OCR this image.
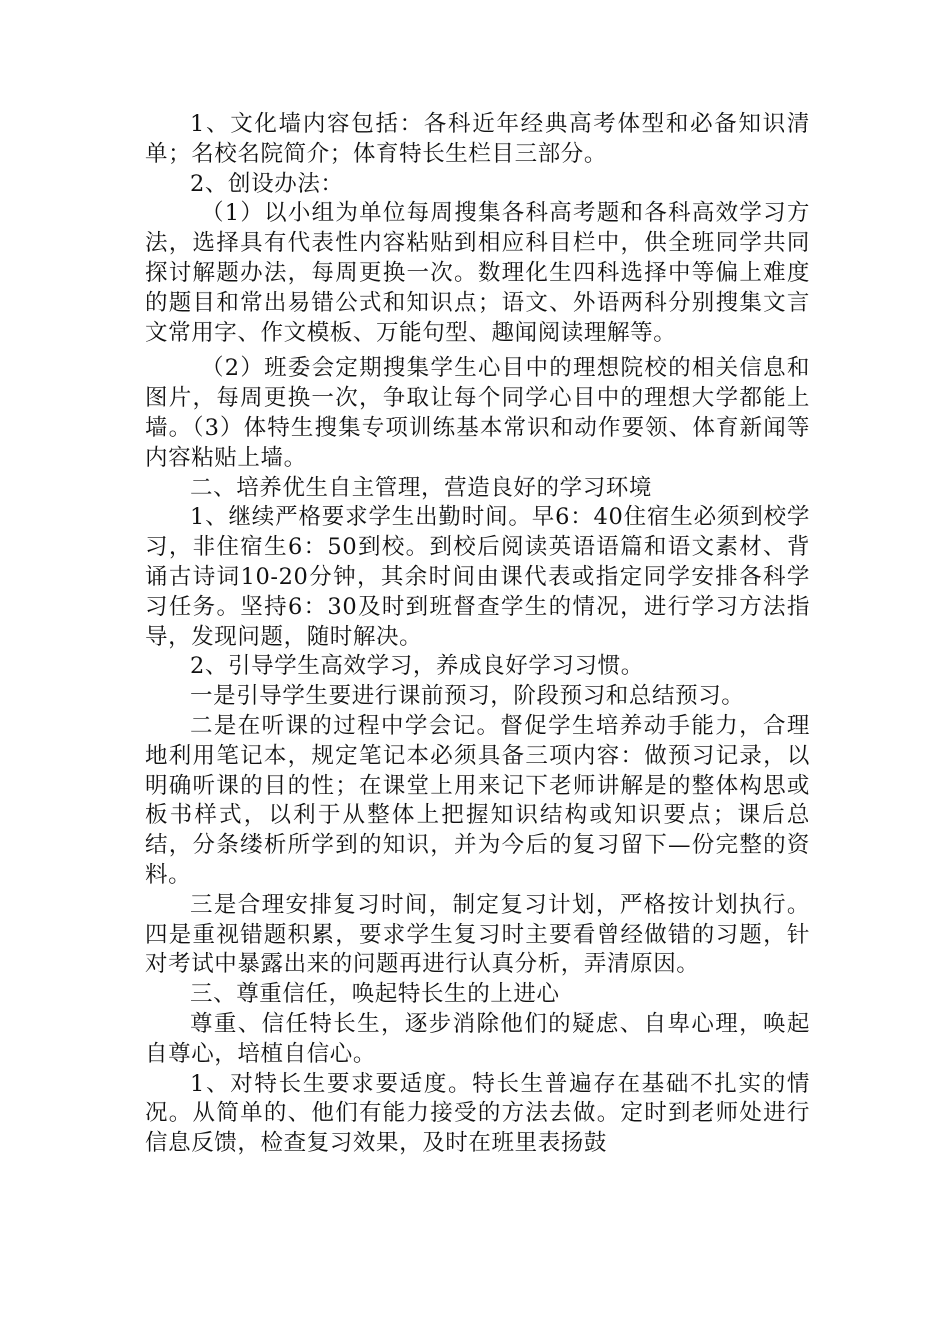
1、文化墙内容包括：各科近年经典高考体型和必备知识清单；名校名院简介；体育特长生栏目三部分。

2、创设办法：

（1）以小组为单位每周搜集各科高考题和各科高效学习方法，选择具有代表性内容粘贴到相应科目栏中，供全班同学共同探讨解题办法，每周更换一次。数理化生四科选择中等偏上难度的题目和常出易错公式和知识点；语文、外语两科分别搜集文言文常用字、作文模板、万能句型、趣闻阅读理解等。

（2）班委会定期搜集学生心目中的理想院校的相关信息和图片，每周更换一次，争取让每个同学心目中的理想大学都能上墙。（3）体特生搜集专项训练基本常识和动作要领、体育新闻等内容粘贴上墙。

二、培养优生自主管理，营造良好的学习环境

1、继续严格要求学生出勤时间。早6：40住宿生必须到校学习，非住宿生6：50到校。到校后阅读英语语篇和语文素材、背诵古诗词10-20分钟，其余时间由课代表或指定同学安排各科学习任务。坚持6：30及时到班督查学生的情况，进行学习方法指导，发现问题，随时解决。

2、引导学生高效学习，养成良好学习习惯。

一是引导学生要进行课前预习，阶段预习和总结预习。

二是在听课的过程中学会记。督促学生培养动手能力，合理地利用笔记本，规定笔记本必须具备三项内容：做预习记录，以明确听课的目的性；在课堂上用来记下老师讲解是的整体构思或板书样式，以利于从整体上把握知识结构或知识要点；课后总结，分条缕析所学到的知识，并为今后的复习留下—份完整的资料。

三是合理安排复习时间，制定复习计划，严格按计划执行。四是重视错题积累，要求学生复习时主要看曾经做错的习题，针对考试中暴露出来的问题再进行认真分析，弄清原因。

三、尊重信任，唤起特长生的上进心

尊重、信任特长生，逐步消除他们的疑虑、自卑心理，唤起自尊心，培植自信心。

1、对特长生要求要适度。特长生普遍存在基础不扎实的情况。从简单的、他们有能力接受的方法去做。定时到老师处进行信息反馈，检查复习效果，及时在班里表扬鼓
